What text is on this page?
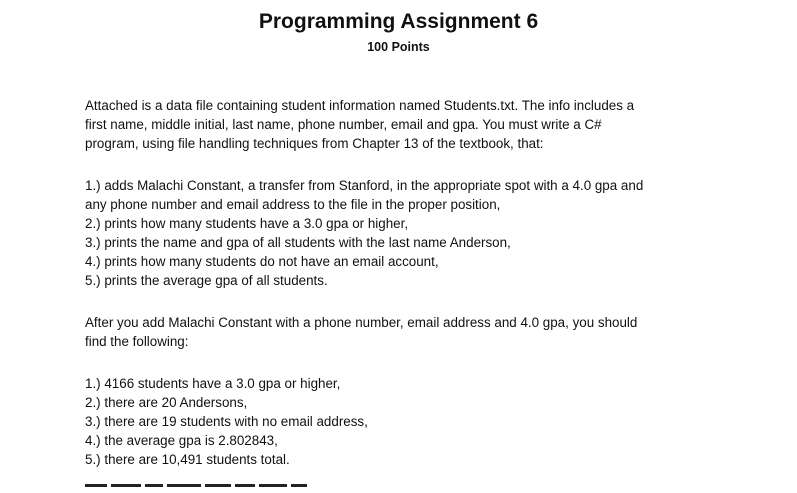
Programming Assignment 6
100 Points
Attached is a data file containing student information named Students.txt. The info includes a
first name, middle initial, last name, phone number, email and gpa. You must write a C#
program, using file handling techniques from Chapter 13 of the textbook, that:
1.) adds Malachi Constant, a transfer from Stanford, in the appropriate spot with a 4.0 gpa and
any phone number and email address to the file in the proper position,
2.) prints how many students have a 3.0 gpa or higher,
3.) prints the name and gpa of all students with the last name Anderson,
4.) prints how many students do not have an email account,
5.) prints the average gpa of all students.
After you add Malachi Constant with a phone number, email address and 4.0 gpa, you should
find the following:
1.) 4166 students have a 3.0 gpa or higher,
2.) there are 20 Andersons,
3.) there are 19 students with no email address,
4.) the average gpa is 2.802843,
5.) there are 10,491 students total.
